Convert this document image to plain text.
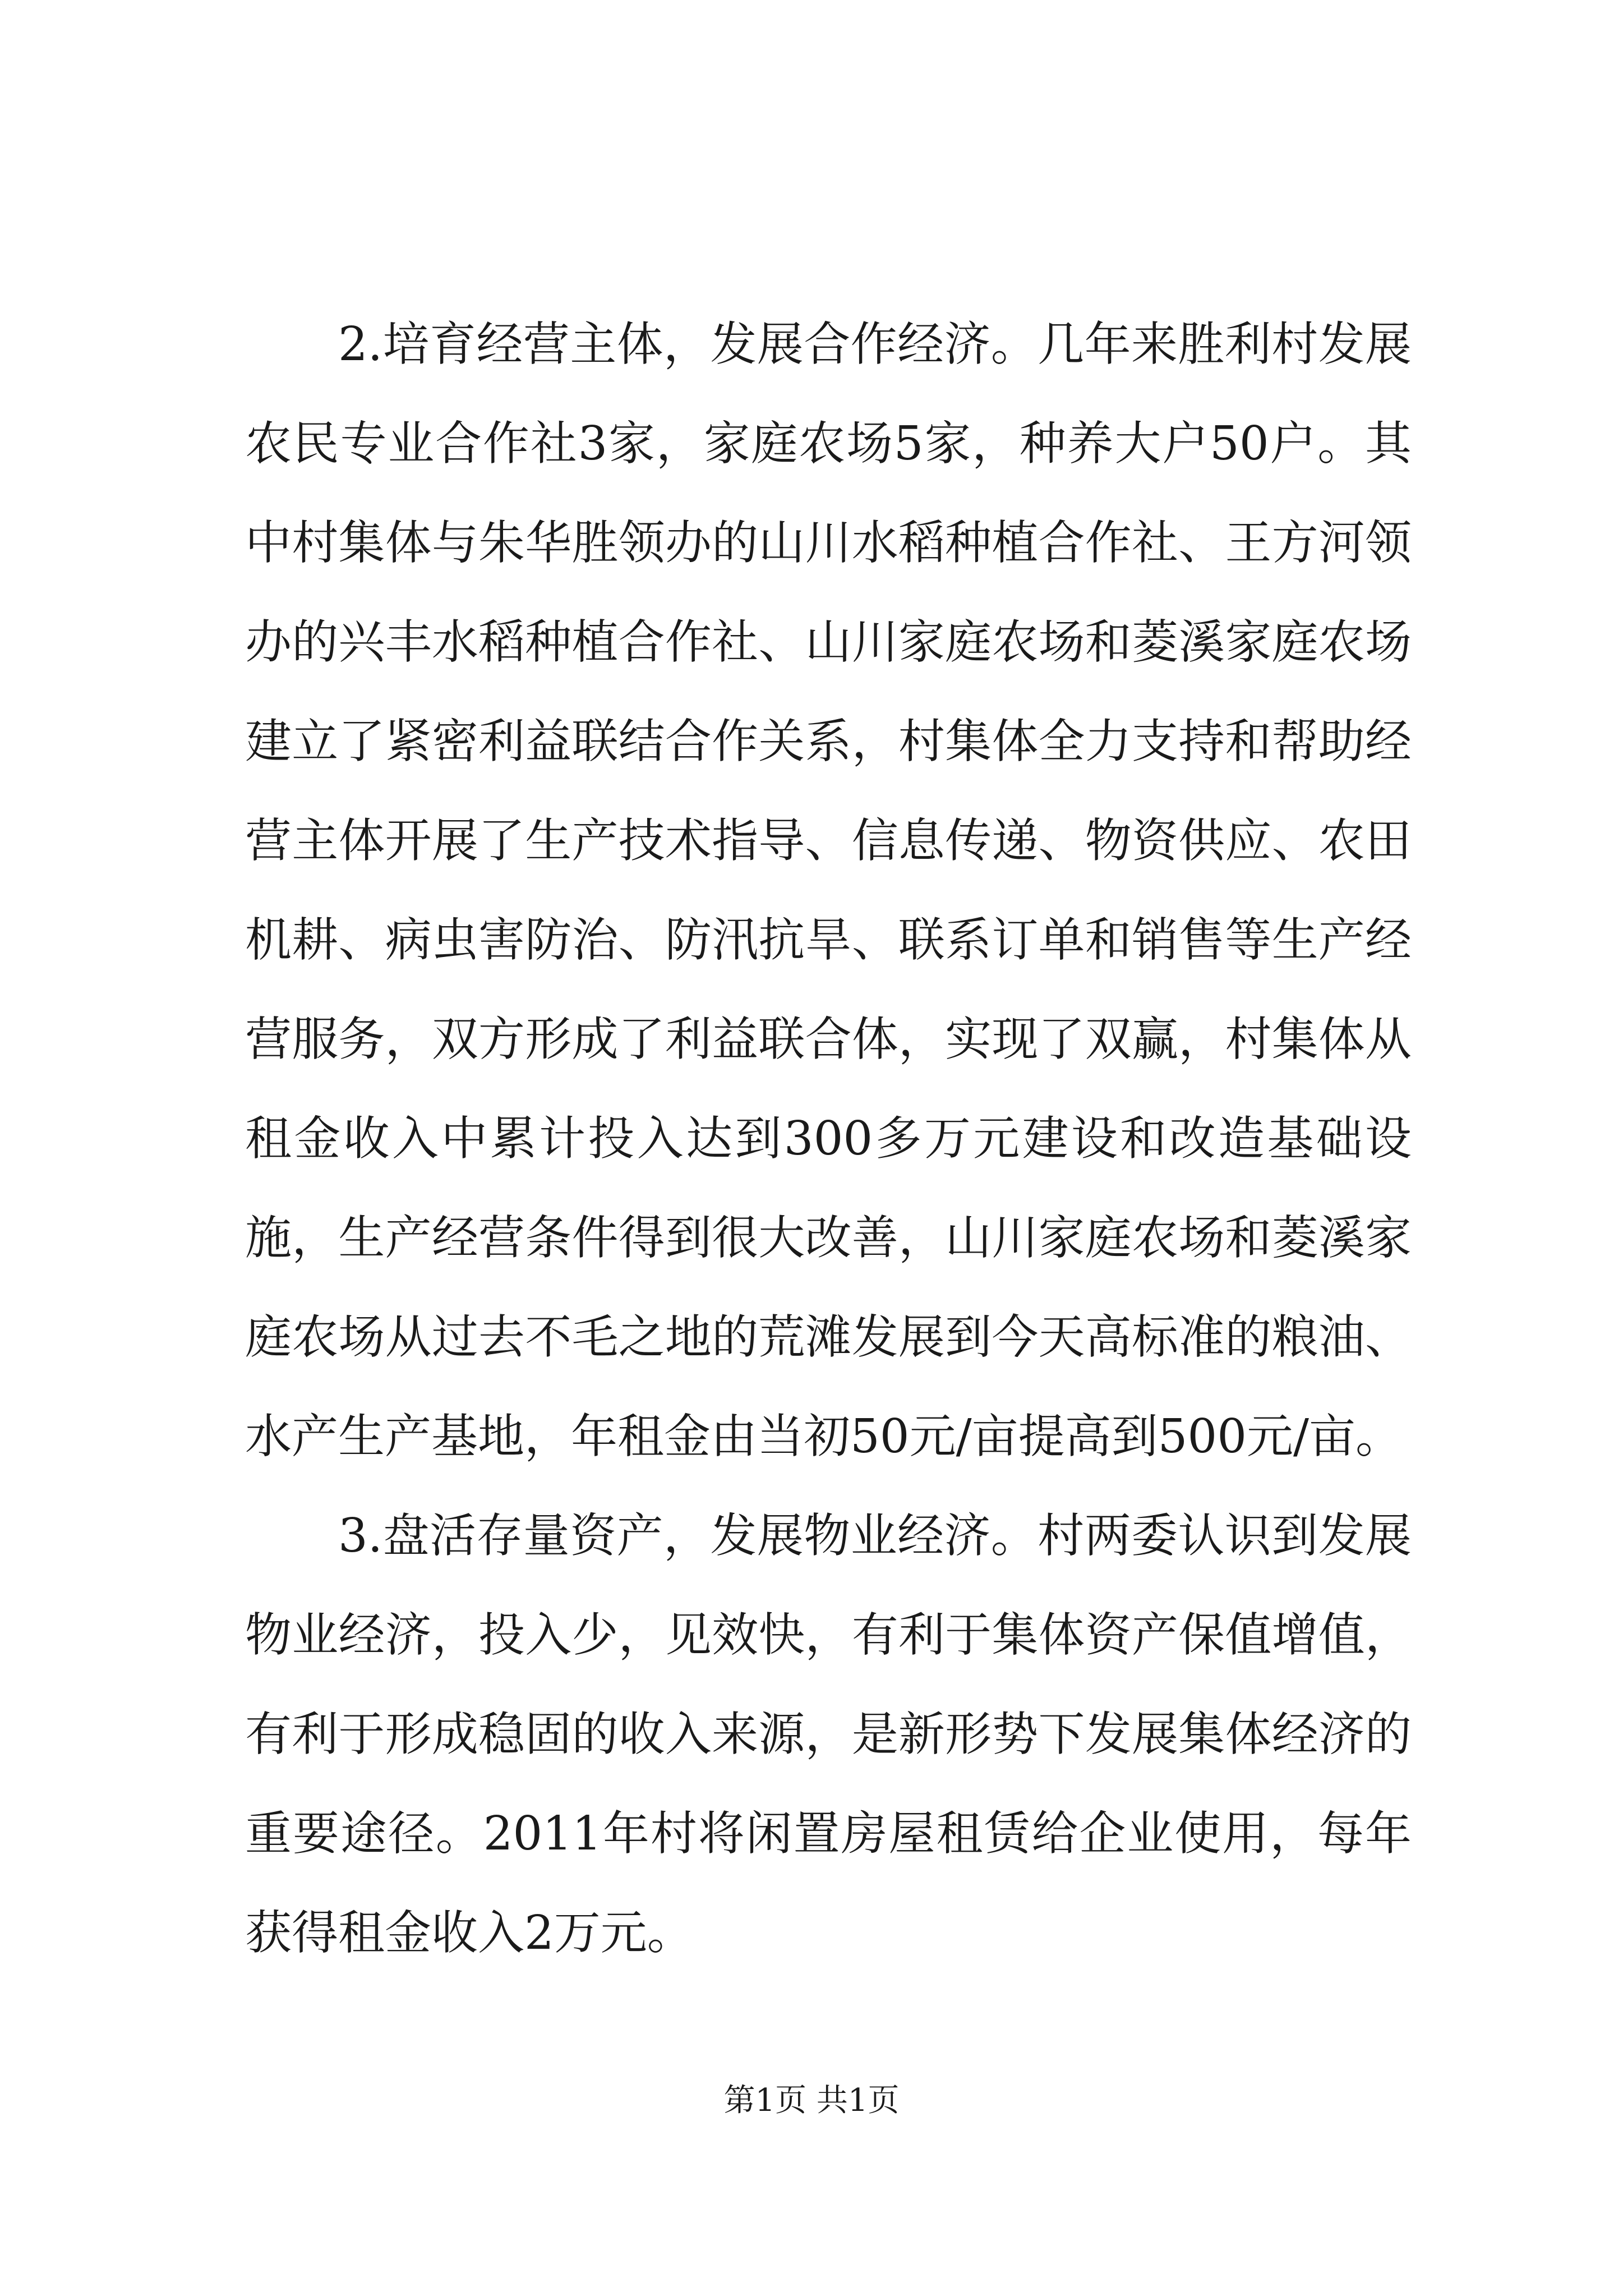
2.培育经营主体，发展合作经济。几年来胜利村发展农民专业合作社3家，家庭农场5家，种养大户50户。其中村集体与朱华胜领办的山川水稻种植合作社、王方河领办的兴丰水稻种植合作社、山川家庭农场和菱溪家庭农场建立了紧密利益联结合作关系，村集体全力支持和帮助经营主体开展了生产技术指导、信息传递、物资供应、农田机耕、病虫害防治、防汛抗旱、联系订单和销售等生产经营服务，双方形成了利益联合体，实现了双赢，村集体从租金收入中累计投入达到300多万元建设和改造基础设施，生产经营条件得到很大改善，山川家庭农场和菱溪家庭农场从过去不毛之地的荒滩发展到今天高标准的粮油、水产生产基地，年租金由当初50元/亩提高到500元/亩。

3.盘活存量资产，发展物业经济。村两委认识到发展物业经济，投入少，见效快，有利于集体资产保值增值，有利于形成稳固的收入来源，是新形势下发展集体经济的重要途径。2011年村将闲置房屋租赁给企业使用，每年获得租金收入2万元。

第1页 共1页
